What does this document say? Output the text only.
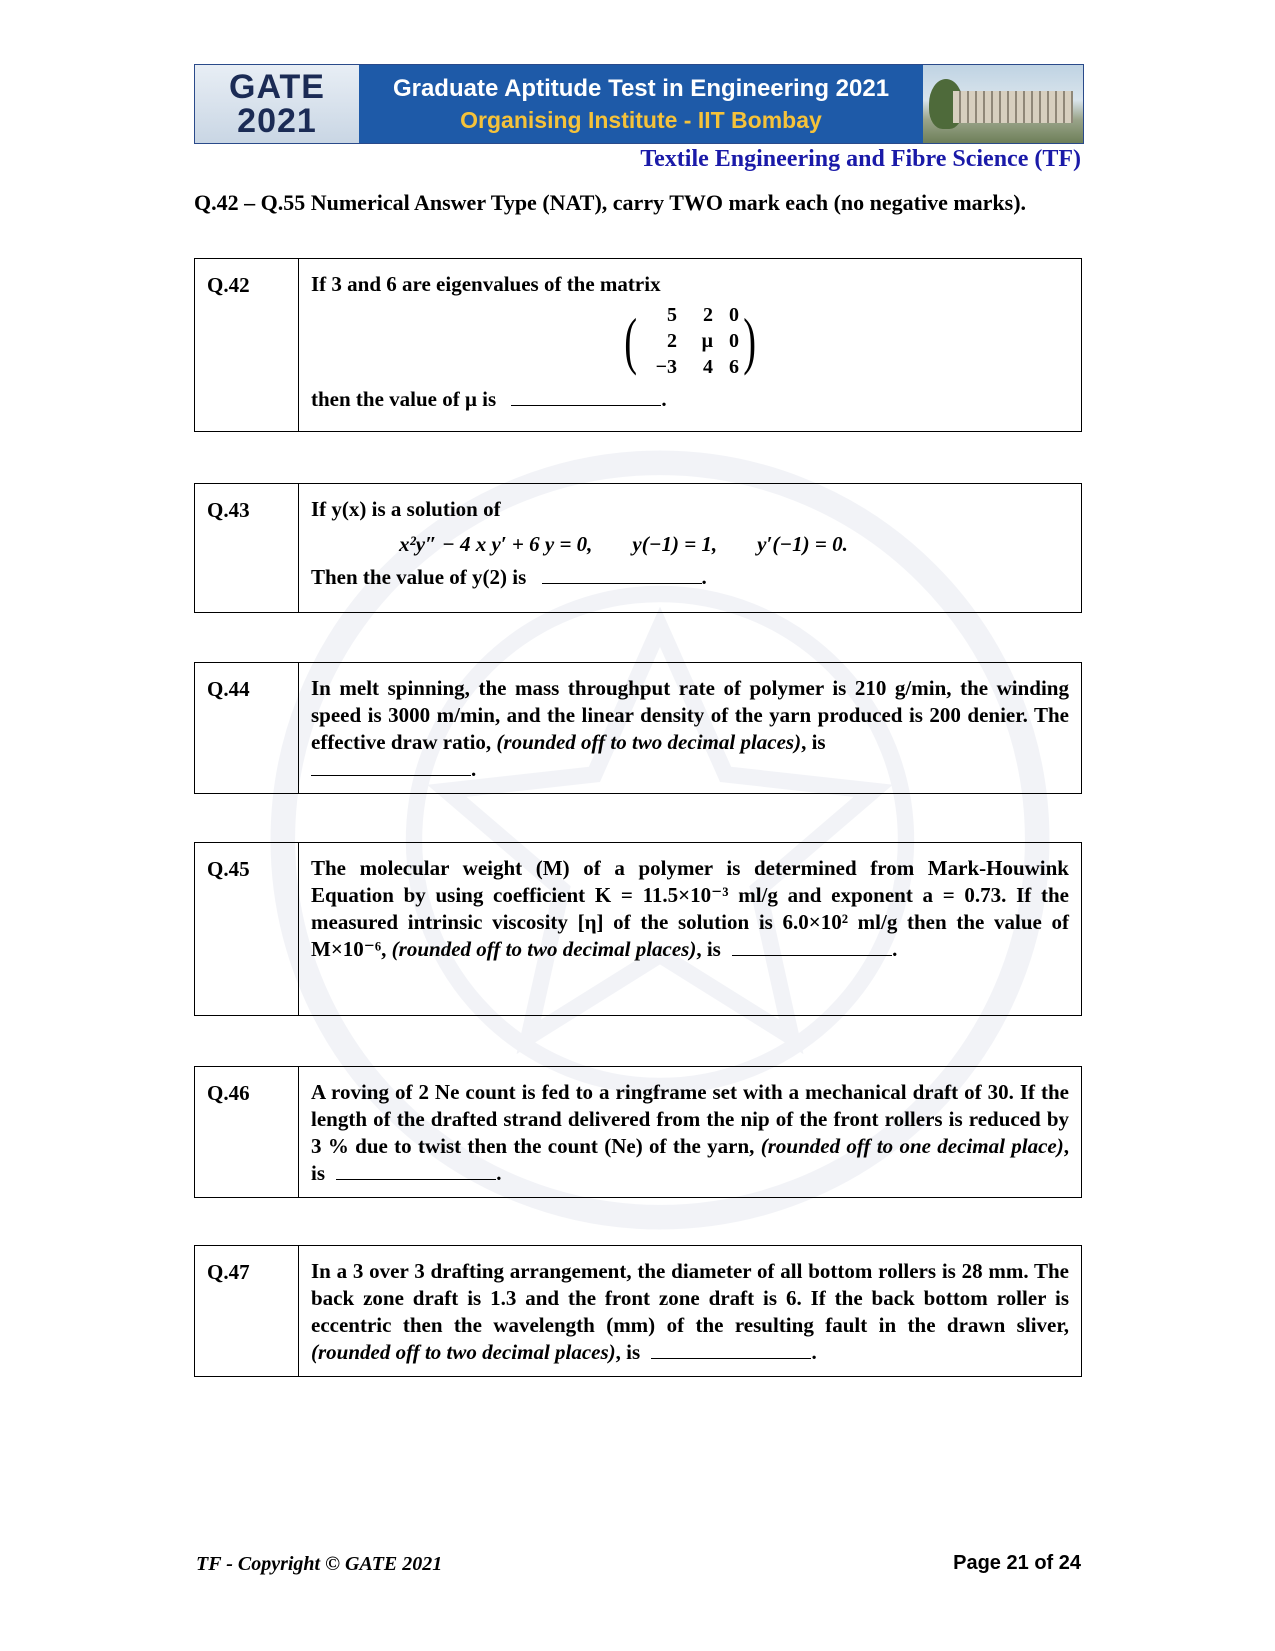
GATE
2021
Graduate Aptitude Test in Engineering 2021
Organising Institute - IIT Bombay
Textile Engineering and Fibre Science (TF)
Q.42 – Q.55 Numerical Answer Type (NAT), carry TWO mark each (no negative marks).
Q.42	If 3 and 6 are eigenvalues of the matrix
(	5	2 0
2	μ 0
−3	4 6 )
then the value of μ is	.
Q.43	If y(x) is a solution of
x²y″ − 4 x y′ + 6 y = 0, y(−1) = 1, y′(−1) = 0.
Then the value of y(2) is	.
Q.44	In melt spinning, the mass throughput rate of polymer is 210 g/min, the winding speed is 3000 m/min, and the linear density of the yarn produced is 200 denier. The effective draw ratio, (rounded off to two decimal places), is
.
Q.45	The molecular weight (M) of a polymer is determined from Mark-Houwink Equation by using coefficient K = 11.5×10⁻³ ml/g and exponent a = 0.73. If the measured intrinsic viscosity [η] of the solution is 6.0×10² ml/g then the value of M×10⁻⁶, (rounded off to two decimal places), is	.
Q.46	A roving of 2 Ne count is fed to a ringframe set with a mechanical draft of 30. If the length of the drafted strand delivered from the nip of the front rollers is reduced by 3 % due to twist then the count (Ne) of the yarn, (rounded off to one decimal place), is	.
Q.47	In a 3 over 3 drafting arrangement, the diameter of all bottom rollers is 28 mm. The back zone draft is 1.3 and the front zone draft is 6. If the back bottom roller is eccentric then the wavelength (mm) of the resulting fault in the drawn sliver, (rounded off to two decimal places), is	.
TF - Copyright © GATE 2021	Page 21 of 24
